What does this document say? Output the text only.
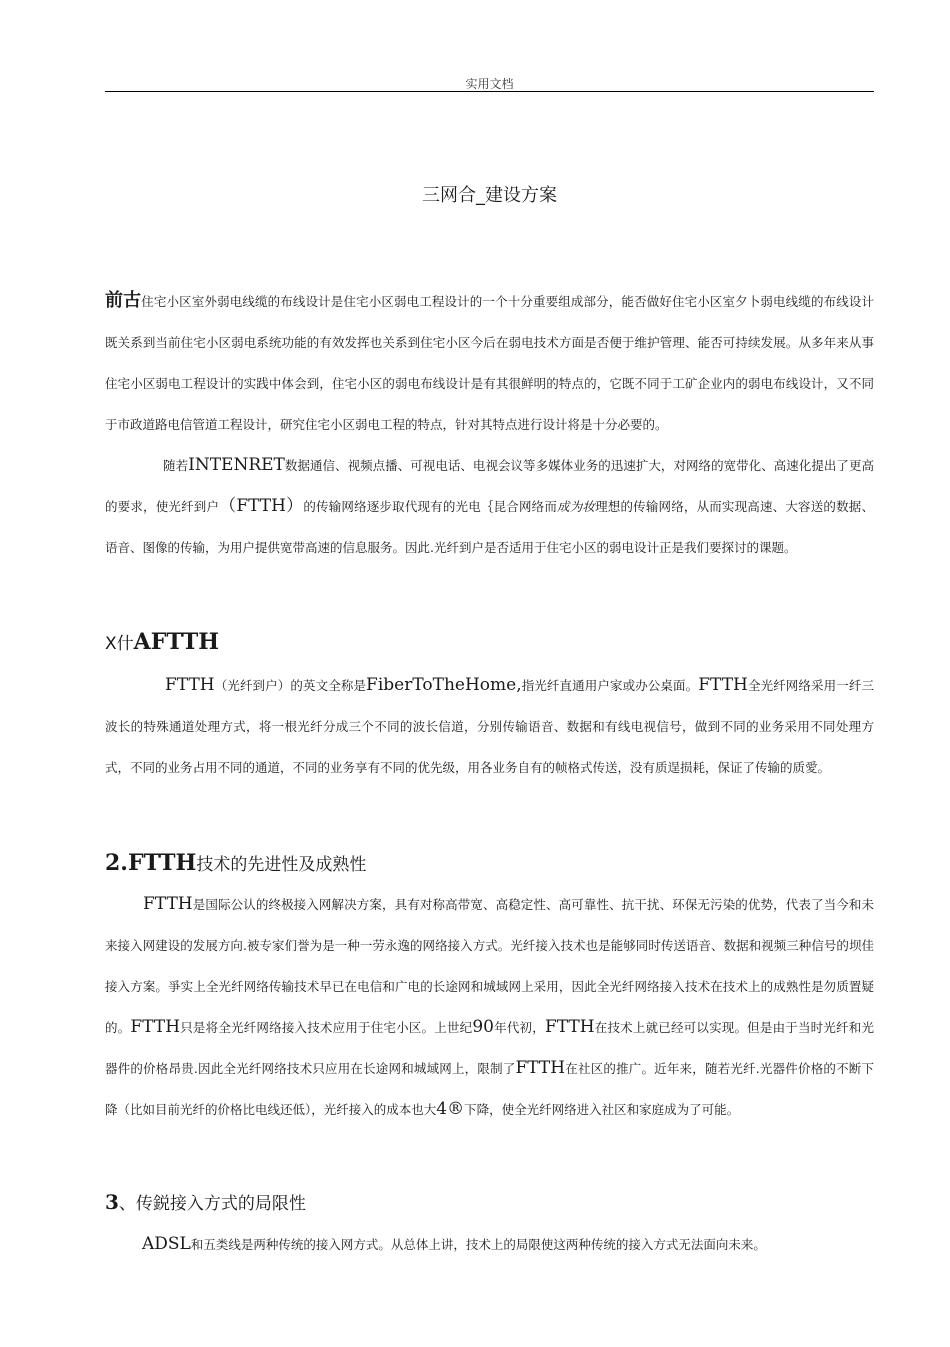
实用文档
三网合_建设方案

前古住宅小区室外弱电线缆的布线设计是住宅小区弱电工程设计的一个十分重要组成部分，能否做好住宅小区室夕卜弱电线缆的布线设计既关系到当前住宅小区弱电系统功能的有效发挥也关系到住宅小区今后在弱电技术方面是否便于维护管理、能否可持续发展。从多年来从事住宅小区弱电工程设计的实践中体会到，住宅小区的弱电布线设计是有其很鲜明的特点的，它既不同于工矿企业内的弱电布线设计，又不同于市政道路电信管道工程设计，研究住宅小区弱电工程的特点，针对其特点进行设计将是十分必要的。

随若INTENRET数据通信、视频点播、可视电话、电视会议等多媒体业务的迅速扩大，对网络的宽带化、高速化提出了更高的要求，使光纤到户（FTTH）的传输网络逐步取代现有的光电｛昆合网络而成为妆理想的传输网络，从而实现高速、大容送的数据、语音、图像的传输，为用户提供宽带高速的信息服务。因此.光纤到户是否适用于住宅小区的弱电设计正是我们要探讨的课题。

X什AFTTH

FTTH（光纤到户）的英文全称是FiberToTheHome,指光纤直通用户家或办公桌面。FTTH全光纤网络采用一纤三波长的特殊通道处理方式，将一根光纤分成三个不同的波长信道，分别传输语音、数据和有线电视信号，做到不同的业务采用不同处理方式，不同的业务占用不同的通道，不同的业务享有不同的优先级，用各业务自有的帧格式传送，没有质逞损耗，保证了传输的质愛。

2.FTTH技术的先进性及成熟性

FTTH是国际公认的终极接入网解决方案，具有对称高带宽、高稳定性、高可靠性、抗干扰、环保无污染的优势，代表了当今和未来接入网建设的发展方向.被专家们誉为是一种一劳永逸的网络接入方式。光纤接入技术也是能够同时传送语音、数据和视频三种信号的坝佳接入方案。爭实上全光纤网络传输技术早已在电信和广电的长途网和城域网上采用，因此全光纤网络接入技术在技术上的成熟性是勿质置疑的。FTTH只是将全光纤网络接入技术应用于住宅小区。上世纪90年代初，FTTH在技术上就已经可以实现。但是由于当时光纤和光器件的价格昂贵.因此全光纤网络技术只应用在长途网和城域网上，限制了FTTH在社区的推广。近年来，随若光纤.光器件价格的不断下降（比如目前光纤的价格比电线还低），光纤接入的成本也大4®下降，使全光纤网络进入社区和家庭成为了可能。

3、传鋭接入方式的局限性

ADSL和五类线是两种传统的接入网方式。从总体上讲，技术上的局限使这两种传统的接入方式无法面向未来。
